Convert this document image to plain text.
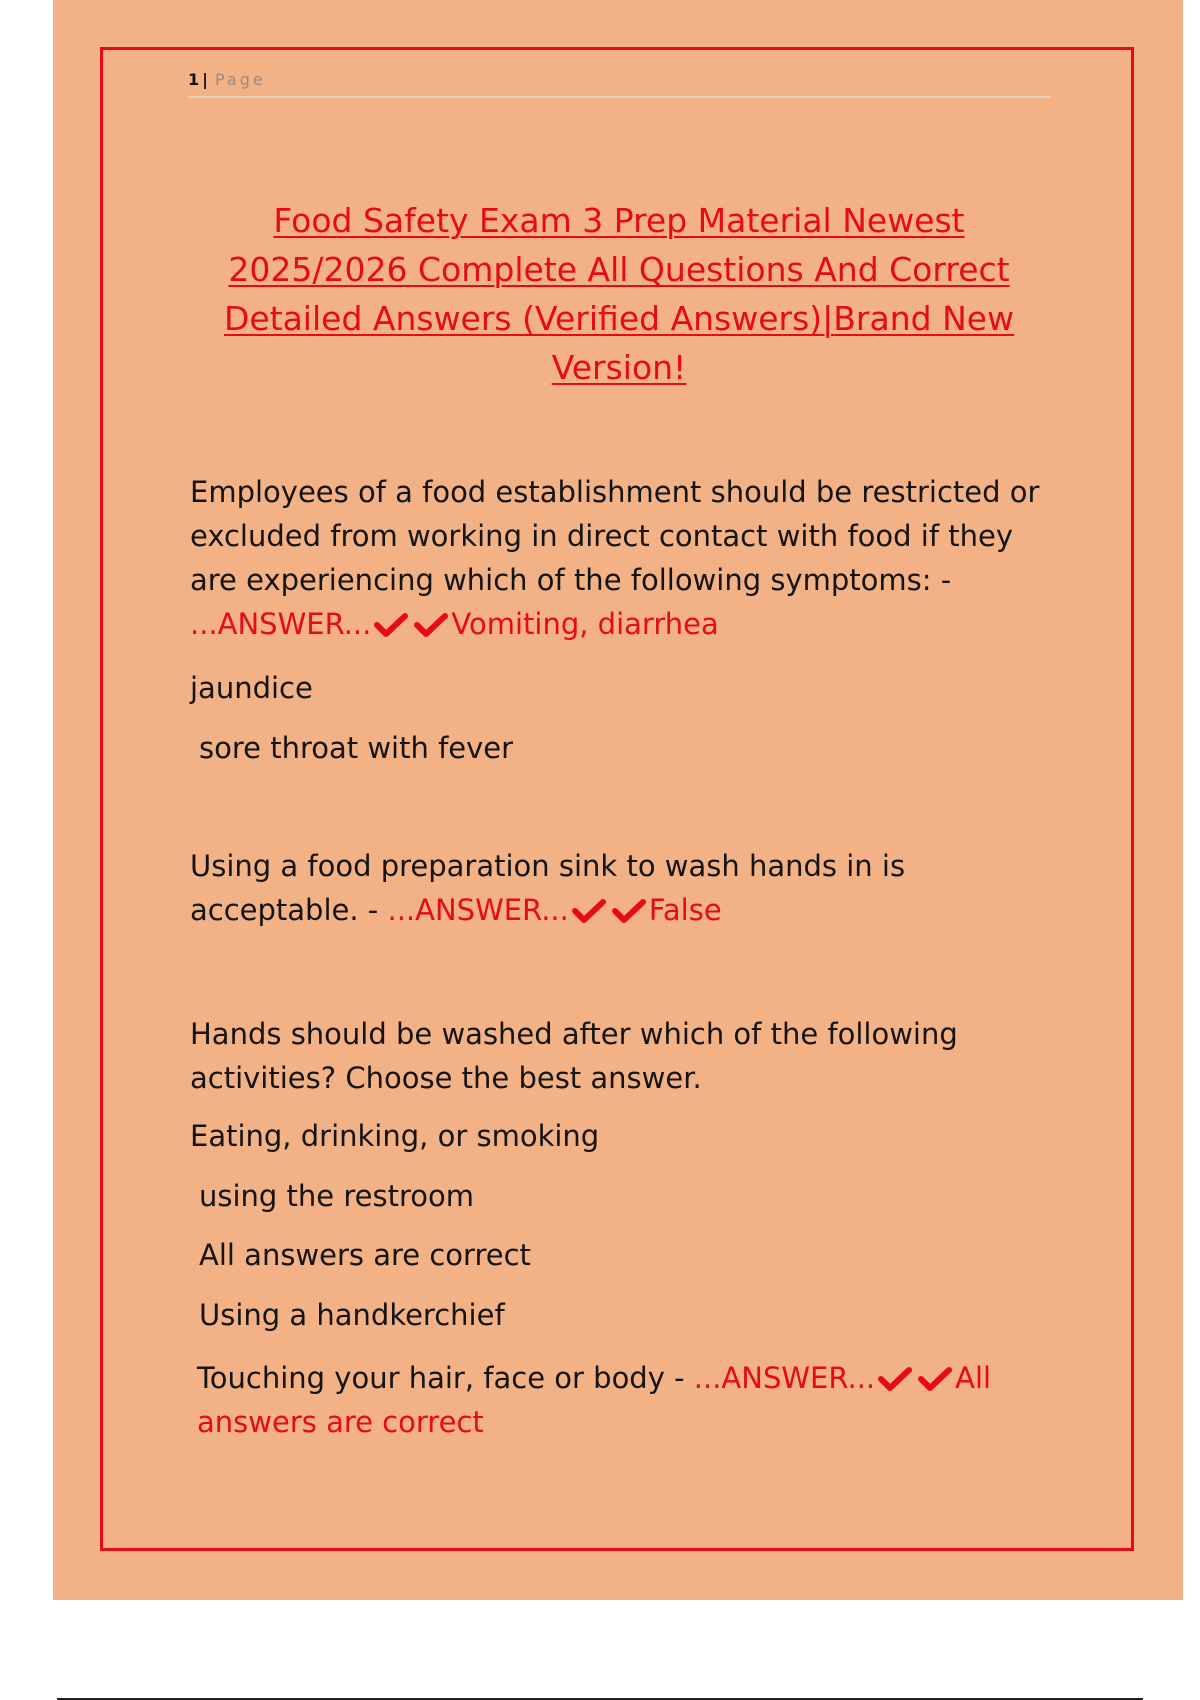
1 | Page
Food Safety Exam 3 Prep Material Newest 2025/2026 Complete All Questions And Correct Detailed Answers (Verified Answers)|Brand New Version!
Employees of a food establishment should be restricted or excluded from working in direct contact with food if they are experiencing which of the following symptoms: - ...ANSWER...	Vomiting, diarrhea
jaundice
sore throat with fever
Using a food preparation sink to wash hands in is acceptable. - ...ANSWER...	False
Hands should be washed after which of the following activities? Choose the best answer.
Eating, drinking, or smoking
using the restroom
All answers are correct
Using a handkerchief
Touching your hair, face or body - ...ANSWER...	All answers are correct
